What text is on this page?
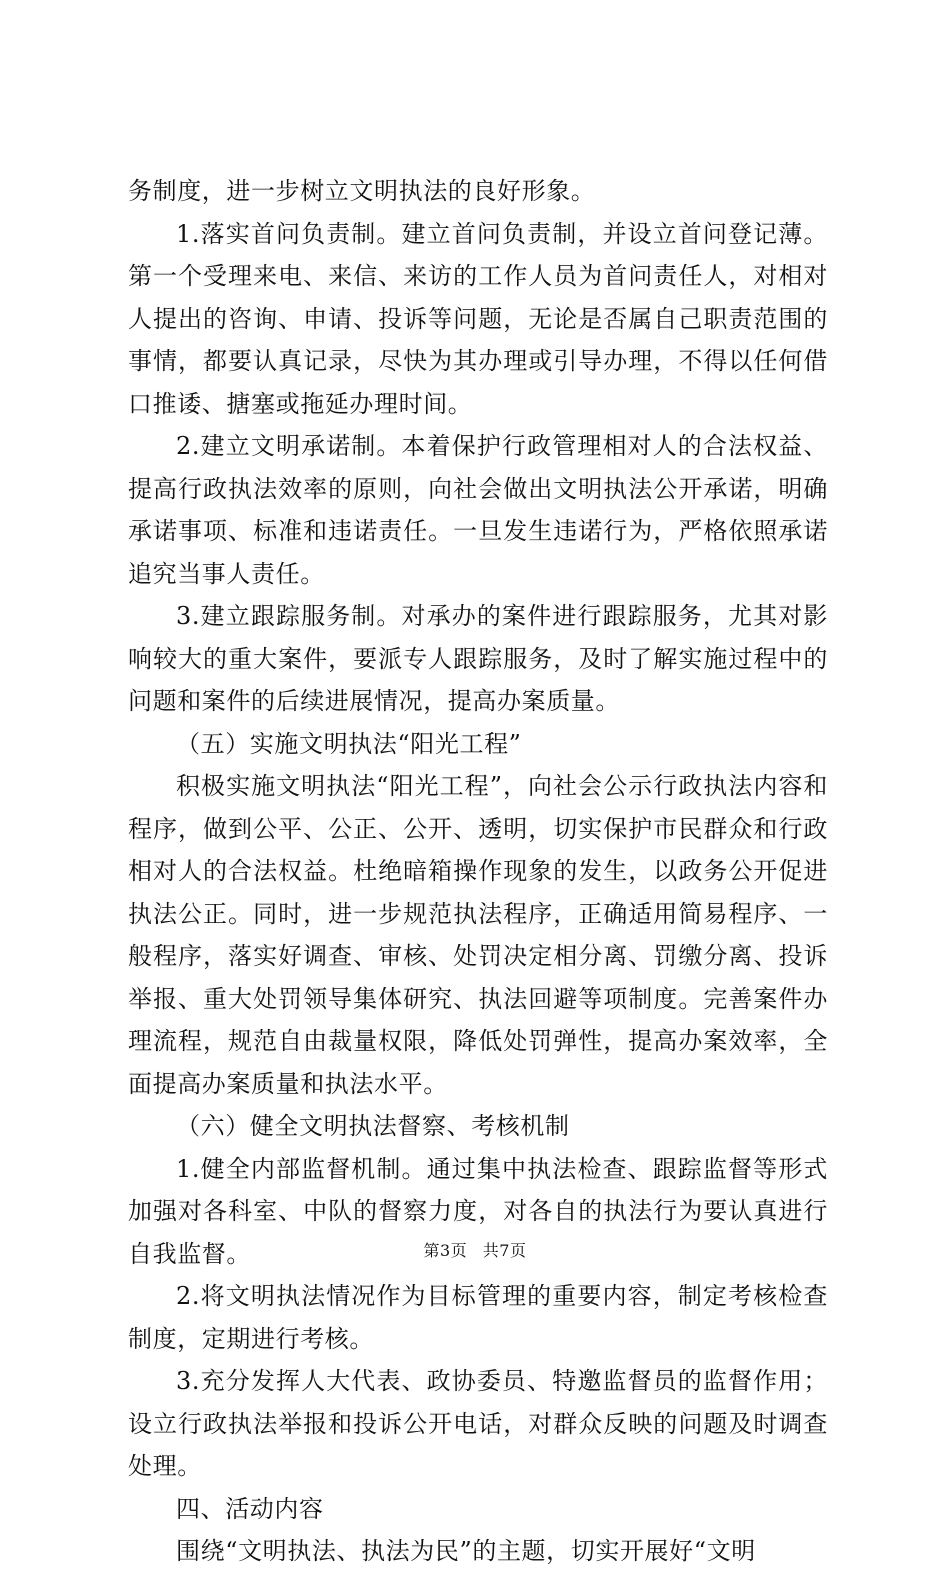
务制度，进一步树立文明执法的良好形象。

1.落实首问负责制。建立首问负责制，并设立首问登记薄。第一个受理来电、来信、来访的工作人员为首问责任人，对相对人提出的咨询、申请、投诉等问题，无论是否属自己职责范围的事情，都要认真记录，尽快为其办理或引导办理，不得以任何借口推诿、搪塞或拖延办理时间。

2.建立文明承诺制。本着保护行政管理相对人的合法权益、提高行政执法效率的原则，向社会做出文明执法公开承诺，明确承诺事项、标准和违诺责任。一旦发生违诺行为，严格依照承诺追究当事人责任。

3.建立跟踪服务制。对承办的案件进行跟踪服务，尤其对影响较大的重大案件，要派专人跟踪服务，及时了解实施过程中的问题和案件的后续进展情况，提高办案质量。

（五）实施文明执法“阳光工程”

积极实施文明执法“阳光工程”，向社会公示行政执法内容和程序，做到公平、公正、公开、透明，切实保护市民群众和行政相对人的合法权益。杜绝暗箱操作现象的发生，以政务公开促进执法公正。同时，进一步规范执法程序，正确适用简易程序、一般程序，落实好调查、审核、处罚决定相分离、罚缴分离、投诉举报、重大处罚领导集体研究、执法回避等项制度。完善案件办理流程，规范自由裁量权限，降低处罚弹性，提高办案效率，全面提高办案质量和执法水平。

（六）健全文明执法督察、考核机制

1.健全内部监督机制。通过集中执法检查、跟踪监督等形式加强对各科室、中队的督察力度，对各自的执法行为要认真进行自我监督。

2.将文明执法情况作为目标管理的重要内容，制定考核检查制度，定期进行考核。

3.充分发挥人大代表、政协委员、特邀监督员的监督作用；设立行政执法举报和投诉公开电话，对群众反映的问题及时调查处理。

四、活动内容

围绕“文明执法、执法为民”的主题，切实开展好“文明

第3页 共7页
